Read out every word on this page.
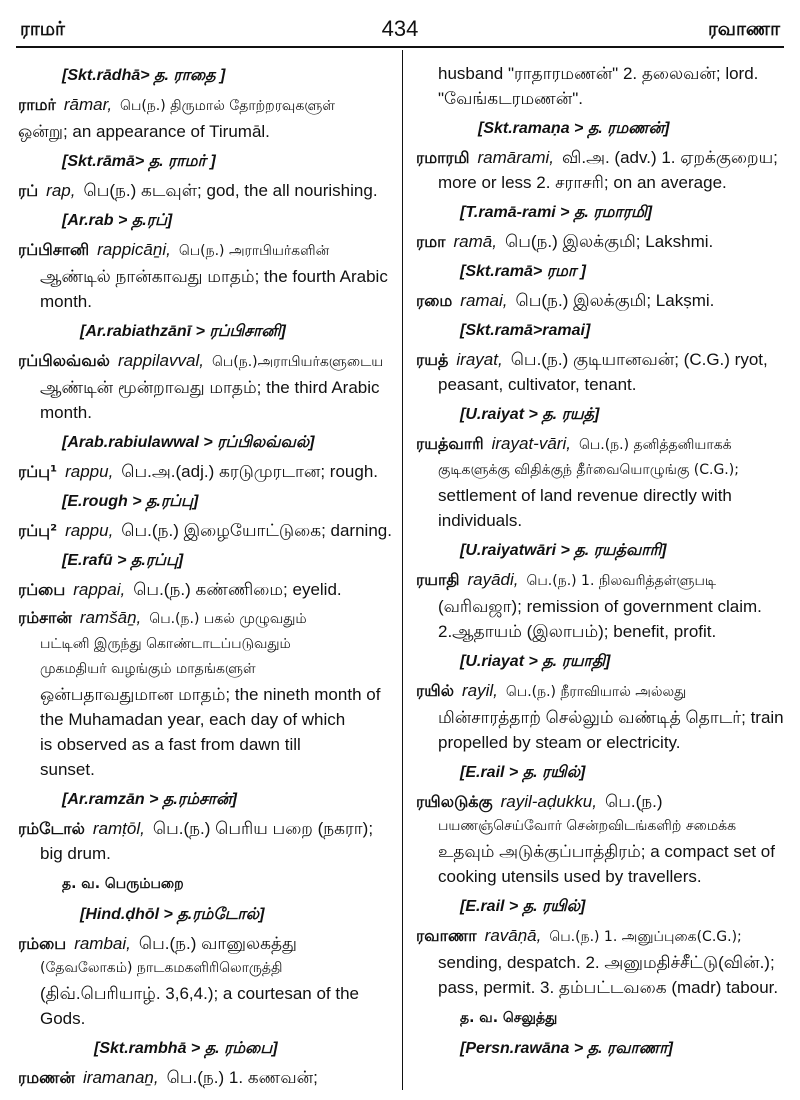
ராமர்	434	ரவாணா
[Skt.rādhā> த. ராதை ]
ராமர் rāmar, பெ(ந.) திருமால் தோற்றரவுகளுள்
ஒன்று; an appearance of Tirumāl.
[Skt.rāmā> த. ராமர் ]
ரப் rap, பெ(ந.) கடவுள்; god, the all nourishing.
[Ar.rab > த.ரப்]
ரப்பிசானி rappicāṉi, பெ(ந.) அராபியர்களின்
ஆண்டில் நான்காவது மாதம்; the fourth Arabic
month.
[Ar.rabiathzānī > ரப்பிசானி]
ரப்பிலவ்வல் rappilavval, பெ(ந.)அராபியர்களுடைய
ஆண்டின் மூன்றாவது மாதம்; the third Arabic
month.
[Arab.rabiulawwal > ரப்பிலவ்வல்]
ரப்பு¹ rappu, பெ.அ.(adj.) கரடுமுரடான; rough.
[E.rough > த.ரப்பு]
ரப்பு² rappu, பெ.(ந.) இழையோட்டுகை; darning.
[E.rafū > த.ரப்பு]
ரப்பை rappai, பெ.(ந.) கண்ணிமை; eyelid.
ரம்சான் ramšāṉ, பெ.(ந.) பகல் முழுவதும்
பட்டினி இருந்து கொண்டாடப்படுவதும்
முகமதியர் வழங்கும் மாதங்களுள்
ஒன்பதாவதுமான மாதம்; the nineth month of
the Muhamadan year, each day of which
is observed as a fast from dawn till
sunset.
[Ar.ramzān > த.ரம்சான்]
ரம்டோல் ramṭōl, பெ.(ந.) பெரிய பறை (நகரா);
big drum.
த. வ. பெரும்பறை
[Hind.ḍhōl > த.ரம்டோல்]
ரம்பை rambai, பெ.(ந.) வானுலகத்து
(தேவலோகம்) நாடகமகளிரிலொருத்தி
(திவ்.பெரியாழ். 3,6,4.); a courtesan of the
Gods.
[Skt.rambhā > த. ரம்பை]
ரமணன் iramanaṉ, பெ.(ந.) 1. கணவன்;
husband "ராதாரமணன்" 2. தலைவன்; lord.
"வேங்கடரமணன்".
[Skt.ramaṇa > த. ரமணன்]
ரமாரமி ramārami, வி.அ. (adv.) 1. ஏறக்குறைய;
more or less 2. சராசரி; on an average.
[T.ramā-rami > த. ரமாரமி]
ரமா ramā, பெ(ந.) இலக்குமி; Lakshmi.
[Skt.ramā> ரமா ]
ரமை ramai, பெ(ந.) இலக்குமி; Lakṣmi.
[Skt.ramā>ramai]
ரயத் irayat, பெ.(ந.) குடியானவன்; (C.G.) ryot,
peasant, cultivator, tenant.
[U.raiyat > த. ரயத்]
ரயத்வாரி irayat-vāri, பெ.(ந.) தனித்தனியாகக்
குடிகளுக்கு விதிக்குந் தீர்வையொழுங்கு (C.G.);
settlement of land revenue directly with
individuals.
[U.raiyatwāri > த. ரயத்வாரி]
ரயாதி rayādi, பெ.(ந.) 1. நிலவரித்தள்ளுபடி
(வரிவஜா); remission of government claim.
2.ஆதாயம் (இலாபம்); benefit, profit.
[U.riayat > த. ரயாதி]
ரயில் rayil, பெ.(ந.) நீராவியால் அல்லது
மின்சாரத்தாற் செல்லும் வண்டித் தொடர்; train
propelled by steam or electricity.
[E.rail > த. ரயில்]
ரயிலடுக்கு rayil-aḍukku, பெ.(ந.)
பயணஞ்செய்வோர் சென்றவிடங்களிற் சமைக்க
உதவும் அடுக்குப்பாத்திரம்; a compact set of
cooking utensils used by travellers.
[E.rail > த. ரயில்]
ரவாணா ravāṇā, பெ.(ந.) 1. அனுப்புகை(C.G.);
sending, despatch. 2. அனுமதிச்சீட்டு(வின்.);
pass, permit. 3. தம்பட்டவகை (madr) tabour.
த. வ. செலுத்து
[Persn.rawāna > த. ரவாணா]
